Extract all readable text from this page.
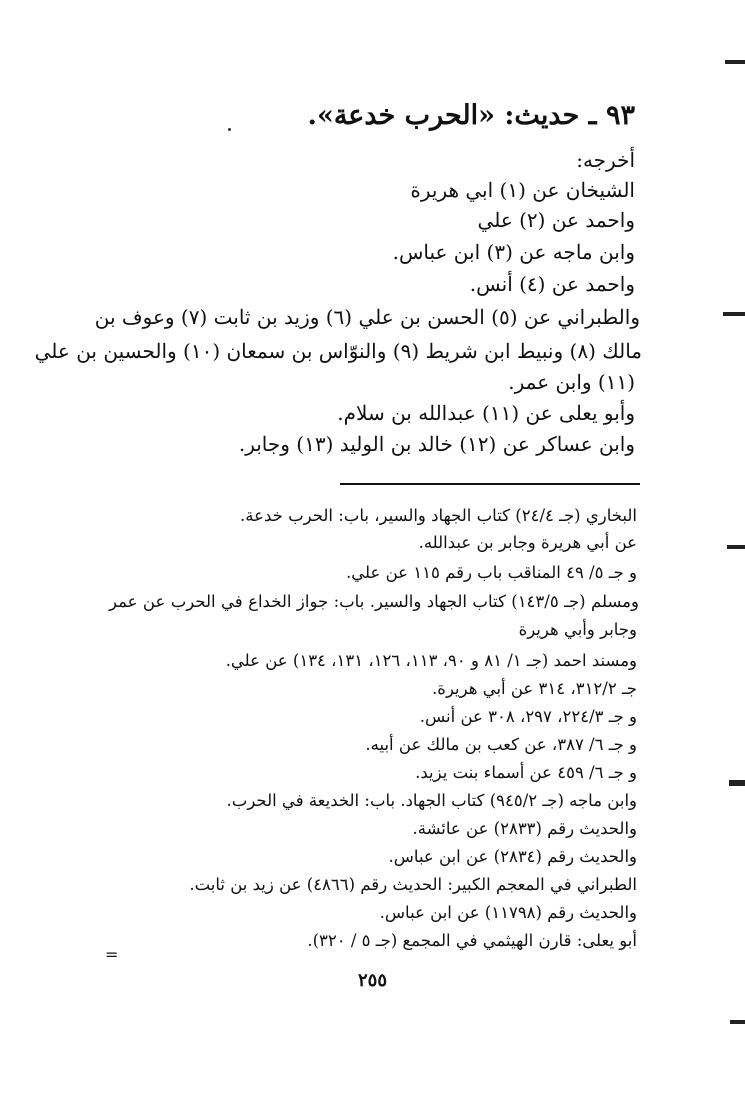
٩٣ ـ حديث: «الحرب خدعة».
أخرجه:
الشيخان عن (١) ابي هريرة
واحمد عن (٢) علي
وابن ماجه عن (٣) ابن عباس.
واحمد عن (٤) أنس.
والطبراني عن (٥) الحسن بن علي (٦) وزيد بن ثابت (٧) وعوف بن
مالك (٨) ونبيط ابن شريط (٩) والنوّاس بن سمعان (١٠) والحسين بن علي
(١١) وابن عمر.
وأبو يعلى عن (١١) عبدالله بن سلام.
وابن عساكر عن (١٢) خالد بن الوليد (١٣) وجابر.
البخاري (جـ ٢٤/٤) كتاب الجهاد والسير، باب: الحرب خدعة.
عن أبي هريرة وجابر بن عبدالله.
و جـ ٥/ ٤٩ المناقب باب رقم ١١٥ عن علي.
ومسلم (جـ ١٤٣/٥) كتاب الجهاد والسير. باب: جواز الخداع في الحرب عن عمر
وجابر وأبي هريرة
ومسند احمد (جـ ١/ ٨١ و ٩٠، ١١٣، ١٢٦، ١٣١، ١٣٤) عن علي.
جـ ٣١٢/٢، ٣١٤ عن أبي هريرة.
و جـ ٢٢٤/٣، ٢٩٧، ٣٠٨ عن أنس.
و جـ ٦/ ٣٨٧، عن كعب بن مالك عن أبيه.
و جـ ٦/ ٤٥٩ عن أسماء بنت يزيد.
وابن ماجه (جـ ٩٤٥/٢) كتاب الجهاد. باب: الخديعة في الحرب.
والحديث رقم (٢٨٣٣) عن عائشة.
والحديث رقم (٢٨٣٤) عن ابن عباس.
الطبراني في المعجم الكبير: الحديث رقم (٤٨٦٦) عن زيد بن ثابت.
والحديث رقم (١١٧٩٨) عن ابن عباس.
أبو يعلى: قارن الهيثمي في المجمع (جـ ٥ / ٣٢٠).
=
٢٥٥
